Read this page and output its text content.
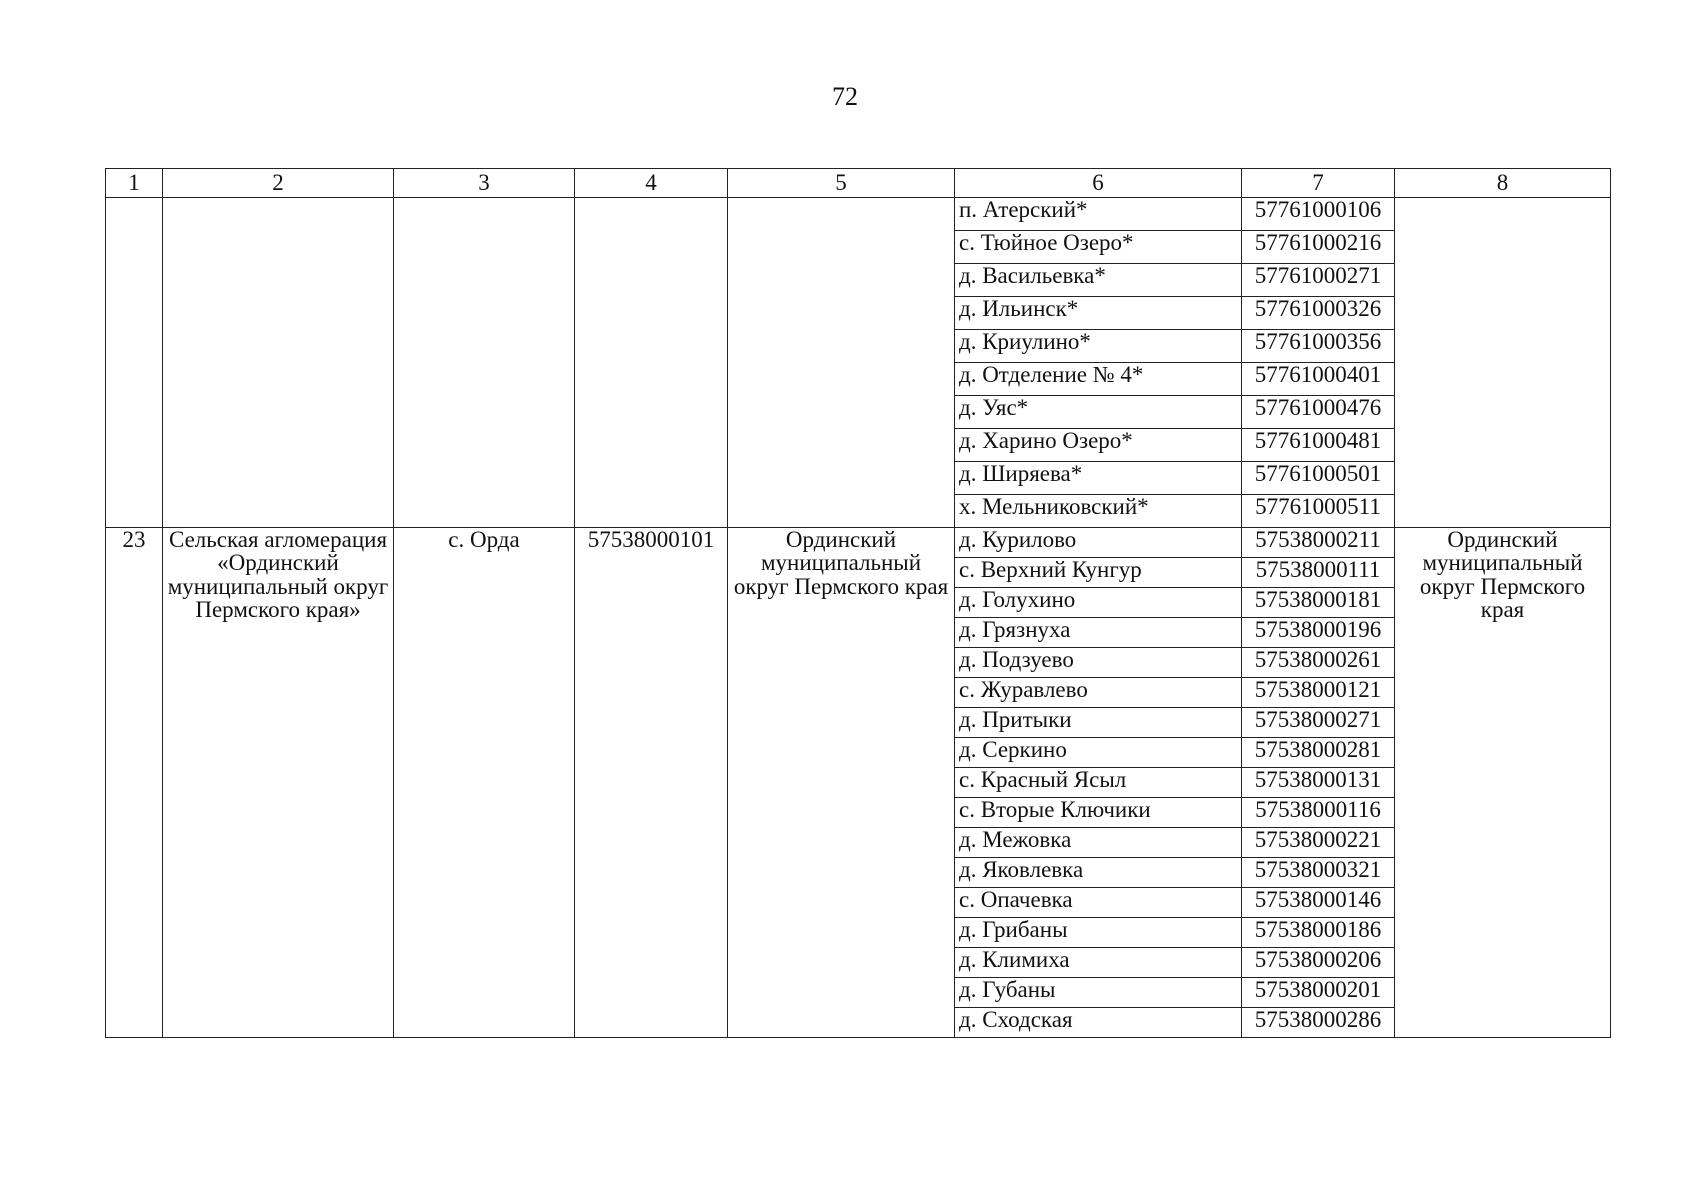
72
1	2	3	4	5	6	7	8
					п. Атерский*	57761000106	
					с. Тюйное Озеро*	57761000216	
					д. Васильевка*	57761000271	
					д. Ильинск*	57761000326	
					д. Криулино*	57761000356	
					д. Отделение № 4*	57761000401	
					д. Уяс*	57761000476	
					д. Харино Озеро*	57761000481	
					д. Ширяева*	57761000501	
					х. Мельниковский*	57761000511	
23	Сельская агломерация «Ординский муниципальный округ Пермского края»	с. Орда	57538000101	Ординский муниципальный округ Пермского края	д. Курилово	57538000211	Ординский муниципальный округ Пермского края
					с. Верхний Кунгур	57538000111	
					д. Голухино	57538000181	
					д. Грязнуха	57538000196	
					д. Подзуево	57538000261	
					с. Журавлево	57538000121	
					д. Притыки	57538000271	
					д. Серкино	57538000281	
					с. Красный Ясыл	57538000131	
					с. Вторые Ключики	57538000116	
					д. Межовка	57538000221	
					д. Яковлевка	57538000321	
					с. Опачевка	57538000146	
					д. Грибаны	57538000186	
					д. Климиха	57538000206	
					д. Губаны	57538000201	
					д. Сходская	57538000286	
